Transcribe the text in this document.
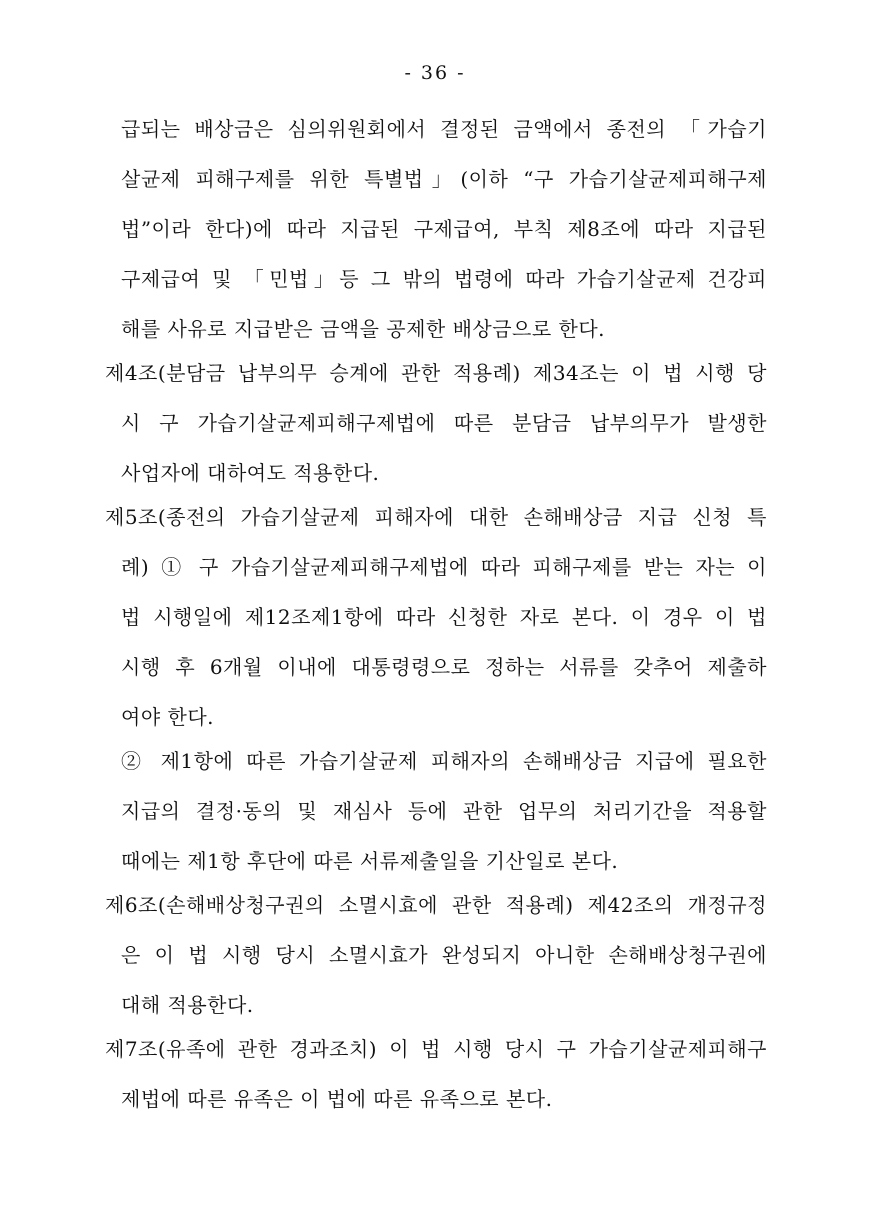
- 36 -
급되는 배상금은 심의위원회에서 결정된 금액에서 종전의 「가습기
살균제 피해구제를 위한 특별법」(이하 “구 가습기살균제피해구제
법”이라 한다)에 따라 지급된 구제급여, 부칙 제8조에 따라 지급된
구제급여 및 「민법」등 그 밖의 법령에 따라 가습기살균제 건강피
해를 사유로 지급받은 금액을 공제한 배상금으로 한다.
제4조(분담금 납부의무 승계에 관한 적용례) 제34조는 이 법 시행 당
시 구 가습기살균제피해구제법에 따른 분담금 납부의무가 발생한
사업자에 대하여도 적용한다.
제5조(종전의 가습기살균제 피해자에 대한 손해배상금 지급 신청 특
례) ① 구 가습기살균제피해구제법에 따라 피해구제를 받는 자는 이
법 시행일에 제12조제1항에 따라 신청한 자로 본다. 이 경우 이 법
시행 후 6개월 이내에 대통령령으로 정하는 서류를 갖추어 제출하
여야 한다.
② 제1항에 따른 가습기살균제 피해자의 손해배상금 지급에 필요한
지급의 결정·동의 및 재심사 등에 관한 업무의 처리기간을 적용할
때에는 제1항 후단에 따른 서류제출일을 기산일로 본다.
제6조(손해배상청구권의 소멸시효에 관한 적용례) 제42조의 개정규정
은 이 법 시행 당시 소멸시효가 완성되지 아니한 손해배상청구권에
대해 적용한다.
제7조(유족에 관한 경과조치) 이 법 시행 당시 구 가습기살균제피해구
제법에 따른 유족은 이 법에 따른 유족으로 본다.
